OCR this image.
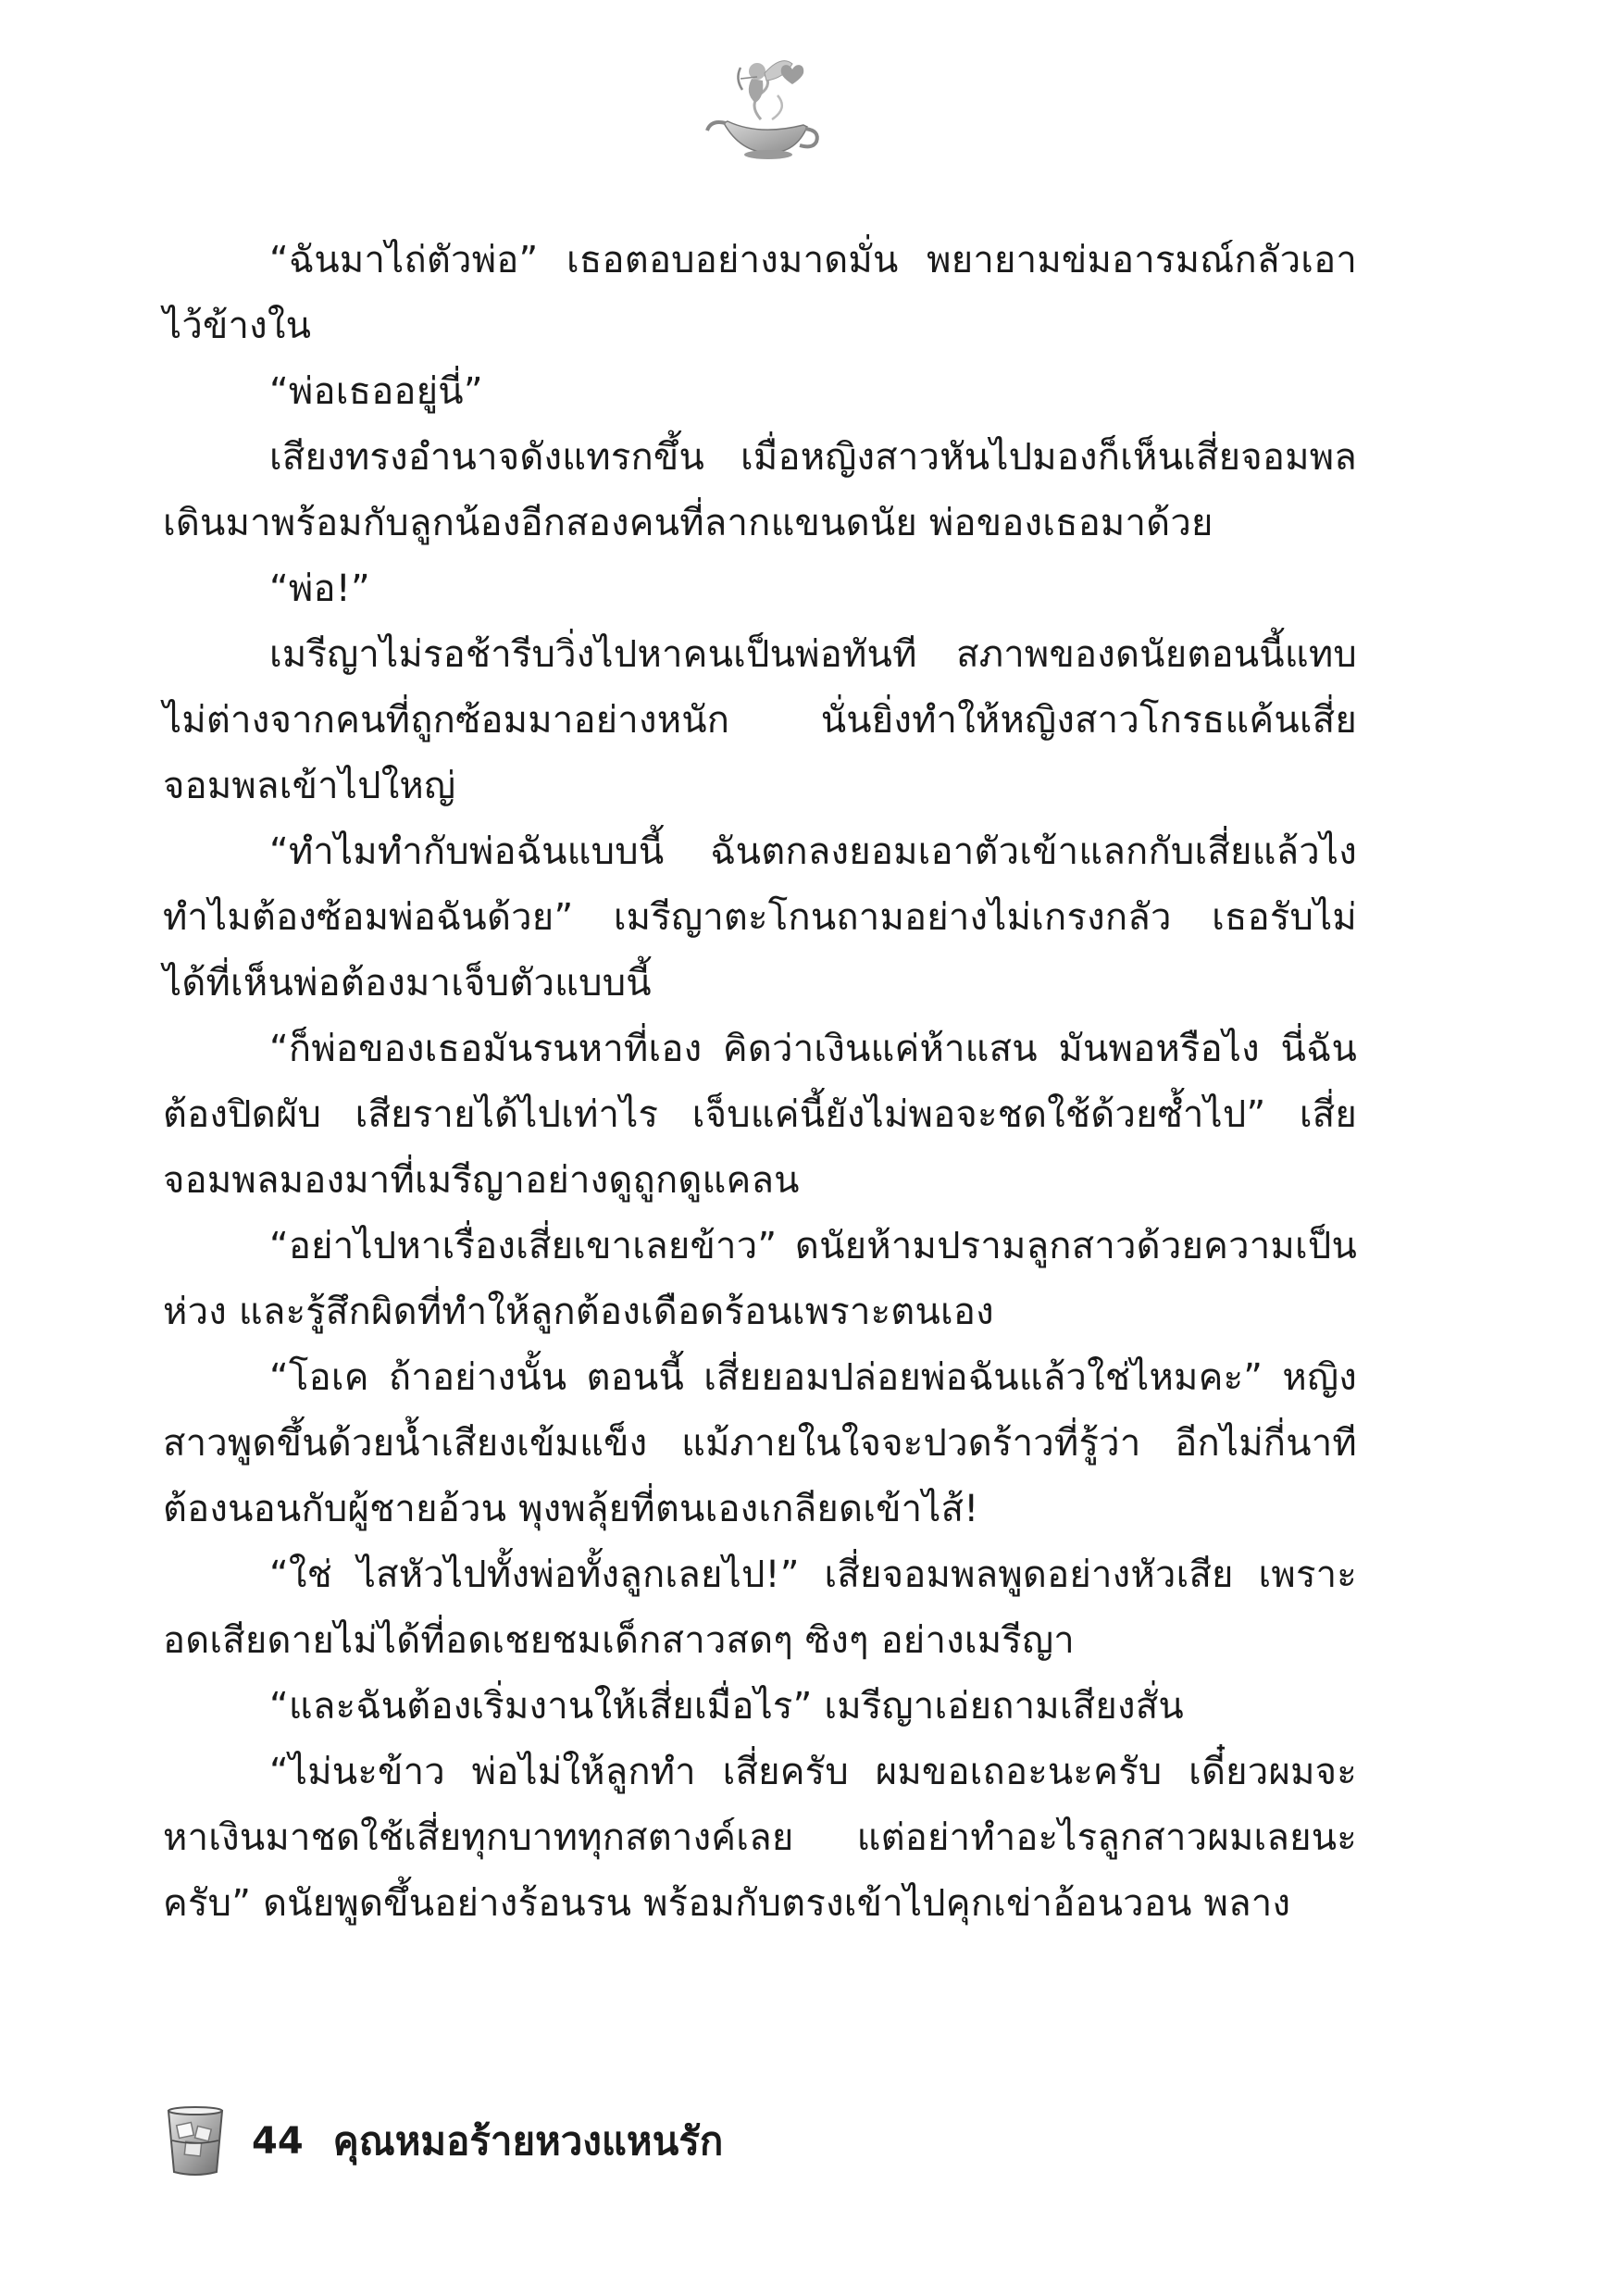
“ฉันมาไถ่ตัวพ่อ” เธอตอบอย่างมาดมั่น พยายามข่มอารมณ์กลัวเอาไว้ข้างใน

“พ่อเธออยู่นี่”

เสียงทรงอำนาจดังแทรกขึ้น เมื่อหญิงสาวหันไปมองก็เห็นเสี่ยจอมพลเดินมาพร้อมกับลูกน้องอีกสองคนที่ลากแขนดนัย พ่อของเธอมาด้วย

“พ่อ!”

เมรีญาไม่รอช้ารีบวิ่งไปหาคนเป็นพ่อทันที สภาพของดนัยตอนนี้แทบไม่ต่างจากคนที่ถูกซ้อมมาอย่างหนัก นั่นยิ่งทำให้หญิงสาวโกรธแค้นเสี่ยจอมพลเข้าไปใหญ่

“ทำไมทำกับพ่อฉันแบบนี้ ฉันตกลงยอมเอาตัวเข้าแลกกับเสี่ยแล้วไงทำไมต้องซ้อมพ่อฉันด้วย” เมรีญาตะโกนถามอย่างไม่เกรงกลัว เธอรับไม่ได้ที่เห็นพ่อต้องมาเจ็บตัวแบบนี้

“ก็พ่อของเธอมันรนหาที่เอง คิดว่าเงินแค่ห้าแสน มันพอหรือไง นี่ฉันต้องปิดผับ เสียรายได้ไปเท่าไร เจ็บแค่นี้ยังไม่พอจะชดใช้ด้วยซ้ำไป” เสี่ยจอมพลมองมาที่เมรีญาอย่างดูถูกดูแคลน

“อย่าไปหาเรื่องเสี่ยเขาเลยข้าว” ดนัยห้ามปรามลูกสาวด้วยความเป็นห่วง และรู้สึกผิดที่ทำให้ลูกต้องเดือดร้อนเพราะตนเอง

“โอเค ถ้าอย่างนั้น ตอนนี้ เสี่ยยอมปล่อยพ่อฉันแล้วใช่ไหมคะ” หญิงสาวพูดขึ้นด้วยน้ำเสียงเข้มแข็ง แม้ภายในใจจะปวดร้าวที่รู้ว่า อีกไม่กี่นาทีต้องนอนกับผู้ชายอ้วน พุงพลุ้ยที่ตนเองเกลียดเข้าไส้!

“ใช่ ไสหัวไปทั้งพ่อทั้งลูกเลยไป!” เสี่ยจอมพลพูดอย่างหัวเสีย เพราะอดเสียดายไม่ได้ที่อดเชยชมเด็กสาวสดๆ ซิงๆ อย่างเมรีญา

“และฉันต้องเริ่มงานให้เสี่ยเมื่อไร” เมรีญาเอ่ยถามเสียงสั่น

“ไม่นะข้าว พ่อไม่ให้ลูกทำ เสี่ยครับ ผมขอเถอะนะครับ เดี๋ยวผมจะหาเงินมาชดใช้เสี่ยทุกบาททุกสตางค์เลย แต่อย่าทำอะไรลูกสาวผมเลยนะครับ” ดนัยพูดขึ้นอย่างร้อนรน พร้อมกับตรงเข้าไปคุกเข่าอ้อนวอน พลาง

44 คุณหมอร้ายหวงแหนรัก
